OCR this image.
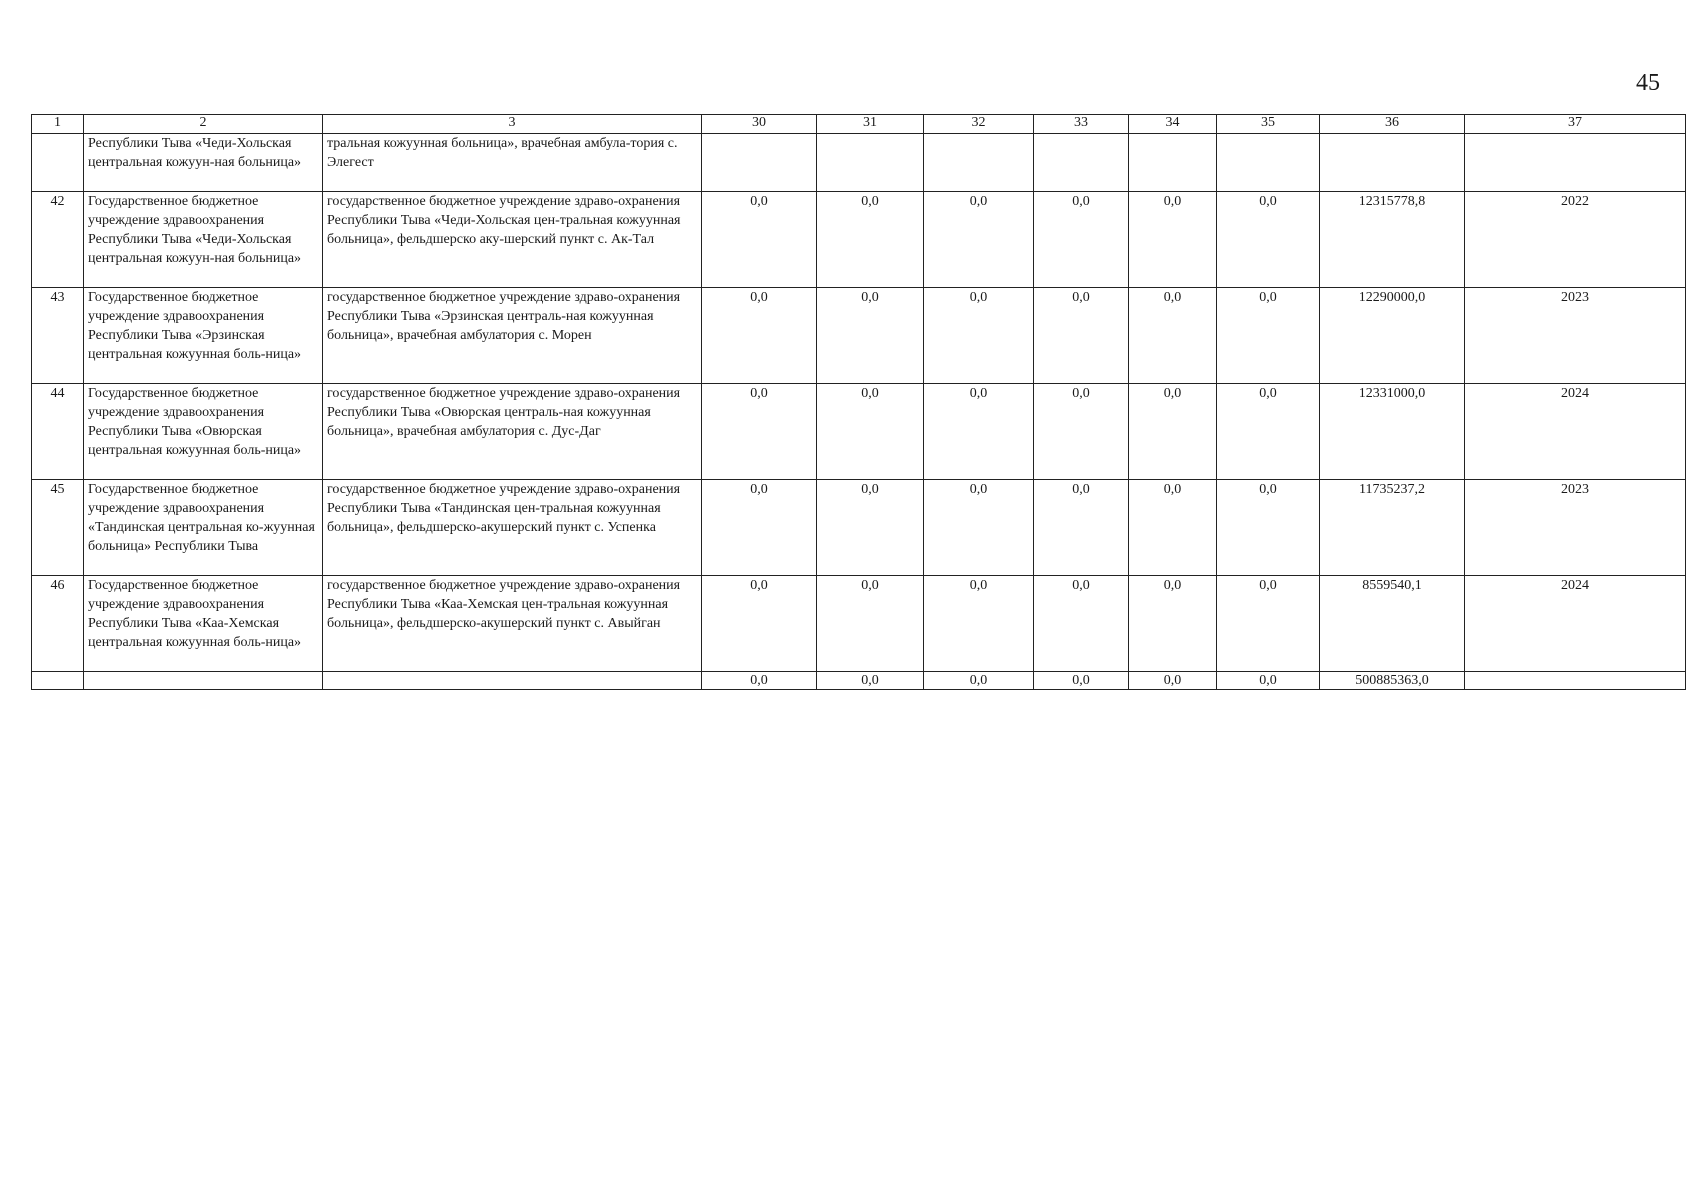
45
1	2	3	30	31	32	33	34	35	36	37
	Республики Тыва «Чеди-Хольская центральная кожуун-ная больница»	тральная кожуунная больница», врачебная амбула-тория с. Элегест								
42	Государственное бюджетное учреждение здравоохранения Республики Тыва «Чеди-Хольская центральная кожуун-ная больница»	государственное бюджетное учреждение здраво-охранения Республики Тыва «Чеди-Хольская цен-тральная кожуунная больница», фельдшерско аку-шерский пункт с. Ак-Тал	0,0	0,0	0,0	0,0	0,0	0,0	12315778,8	2022
43	Государственное бюджетное учреждение здравоохранения Республики Тыва «Эрзинская центральная кожуунная боль-ница»	государственное бюджетное учреждение здраво-охранения Республики Тыва «Эрзинская централь-ная кожуунная больница», врачебная амбулатория с. Морен	0,0	0,0	0,0	0,0	0,0	0,0	12290000,0	2023
44	Государственное бюджетное учреждение здравоохранения Республики Тыва «Овюрская центральная кожуунная боль-ница»	государственное бюджетное учреждение здраво-охранения Республики Тыва «Овюрская централь-ная кожуунная больница», врачебная амбулатория с. Дус-Даг	0,0	0,0	0,0	0,0	0,0	0,0	12331000,0	2024
45	Государственное бюджетное учреждение здравоохранения «Тандинская центральная ко-жуунная больница» Республики Тыва	государственное бюджетное учреждение здраво-охранения Республики Тыва «Тандинская цен-тральная кожуунная больница», фельдшерско-акушерский пункт с. Успенка	0,0	0,0	0,0	0,0	0,0	0,0	11735237,2	2023
46	Государственное бюджетное учреждение здравоохранения Республики Тыва «Каа-Хемская центральная кожуунная боль-ница»	государственное бюджетное учреждение здраво-охранения Республики Тыва «Каа-Хемская цен-тральная кожуунная больница», фельдшерско-акушерский пункт с. Авыйган	0,0	0,0	0,0	0,0	0,0	0,0	8559540,1	2024
			0,0	0,0	0,0	0,0	0,0	0,0	500885363,0	
